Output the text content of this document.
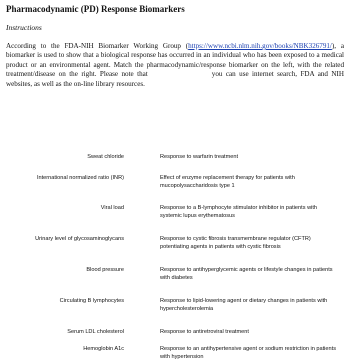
Pharmacodynamic (PD) Response Biomarkers
Instructions
According to the FDA-NIH Biomarker Working Group (https://www.ncbi.nlm.nih.gov/books/NBK326791/), a biomarker is used to show that a biological response has occurred in an individual who has been exposed to a medical product or an environmental agent. Match the pharmacodynamic/response biomarker on the left, with the related treatment/disease on the right. Please note that	you can use internet search, FDA and NIH websites, as well as the on-line library resources.
Sweat chloride	Response to warfarin treatment
International normalized ratio (INR)	Effect of enzyme replacement therapy for patients with mucopolysaccharidosis type 1
Viral load	Response to a B-lymphocyte stimulator inhibitor in patients with systemic lupus erythematosus
Urinary level of glycosaminoglycans	Response to cystic fibrosis transmembrane regulator (CFTR) potentiating agents in patients with cystic fibrosis
Blood pressure	Response to antihyperglycemic agents or lifestyle changes in patients with diabetes
Circulating B lymphocytes	Response to lipid-lowering agent or dietary changes in patients with hypercholesterolemia
Serum LDL cholesterol	Response to antiretroviral treatment
Hemoglobin A1c	Response to an antihypertensive agent or sodium restriction in patients with hypertension
